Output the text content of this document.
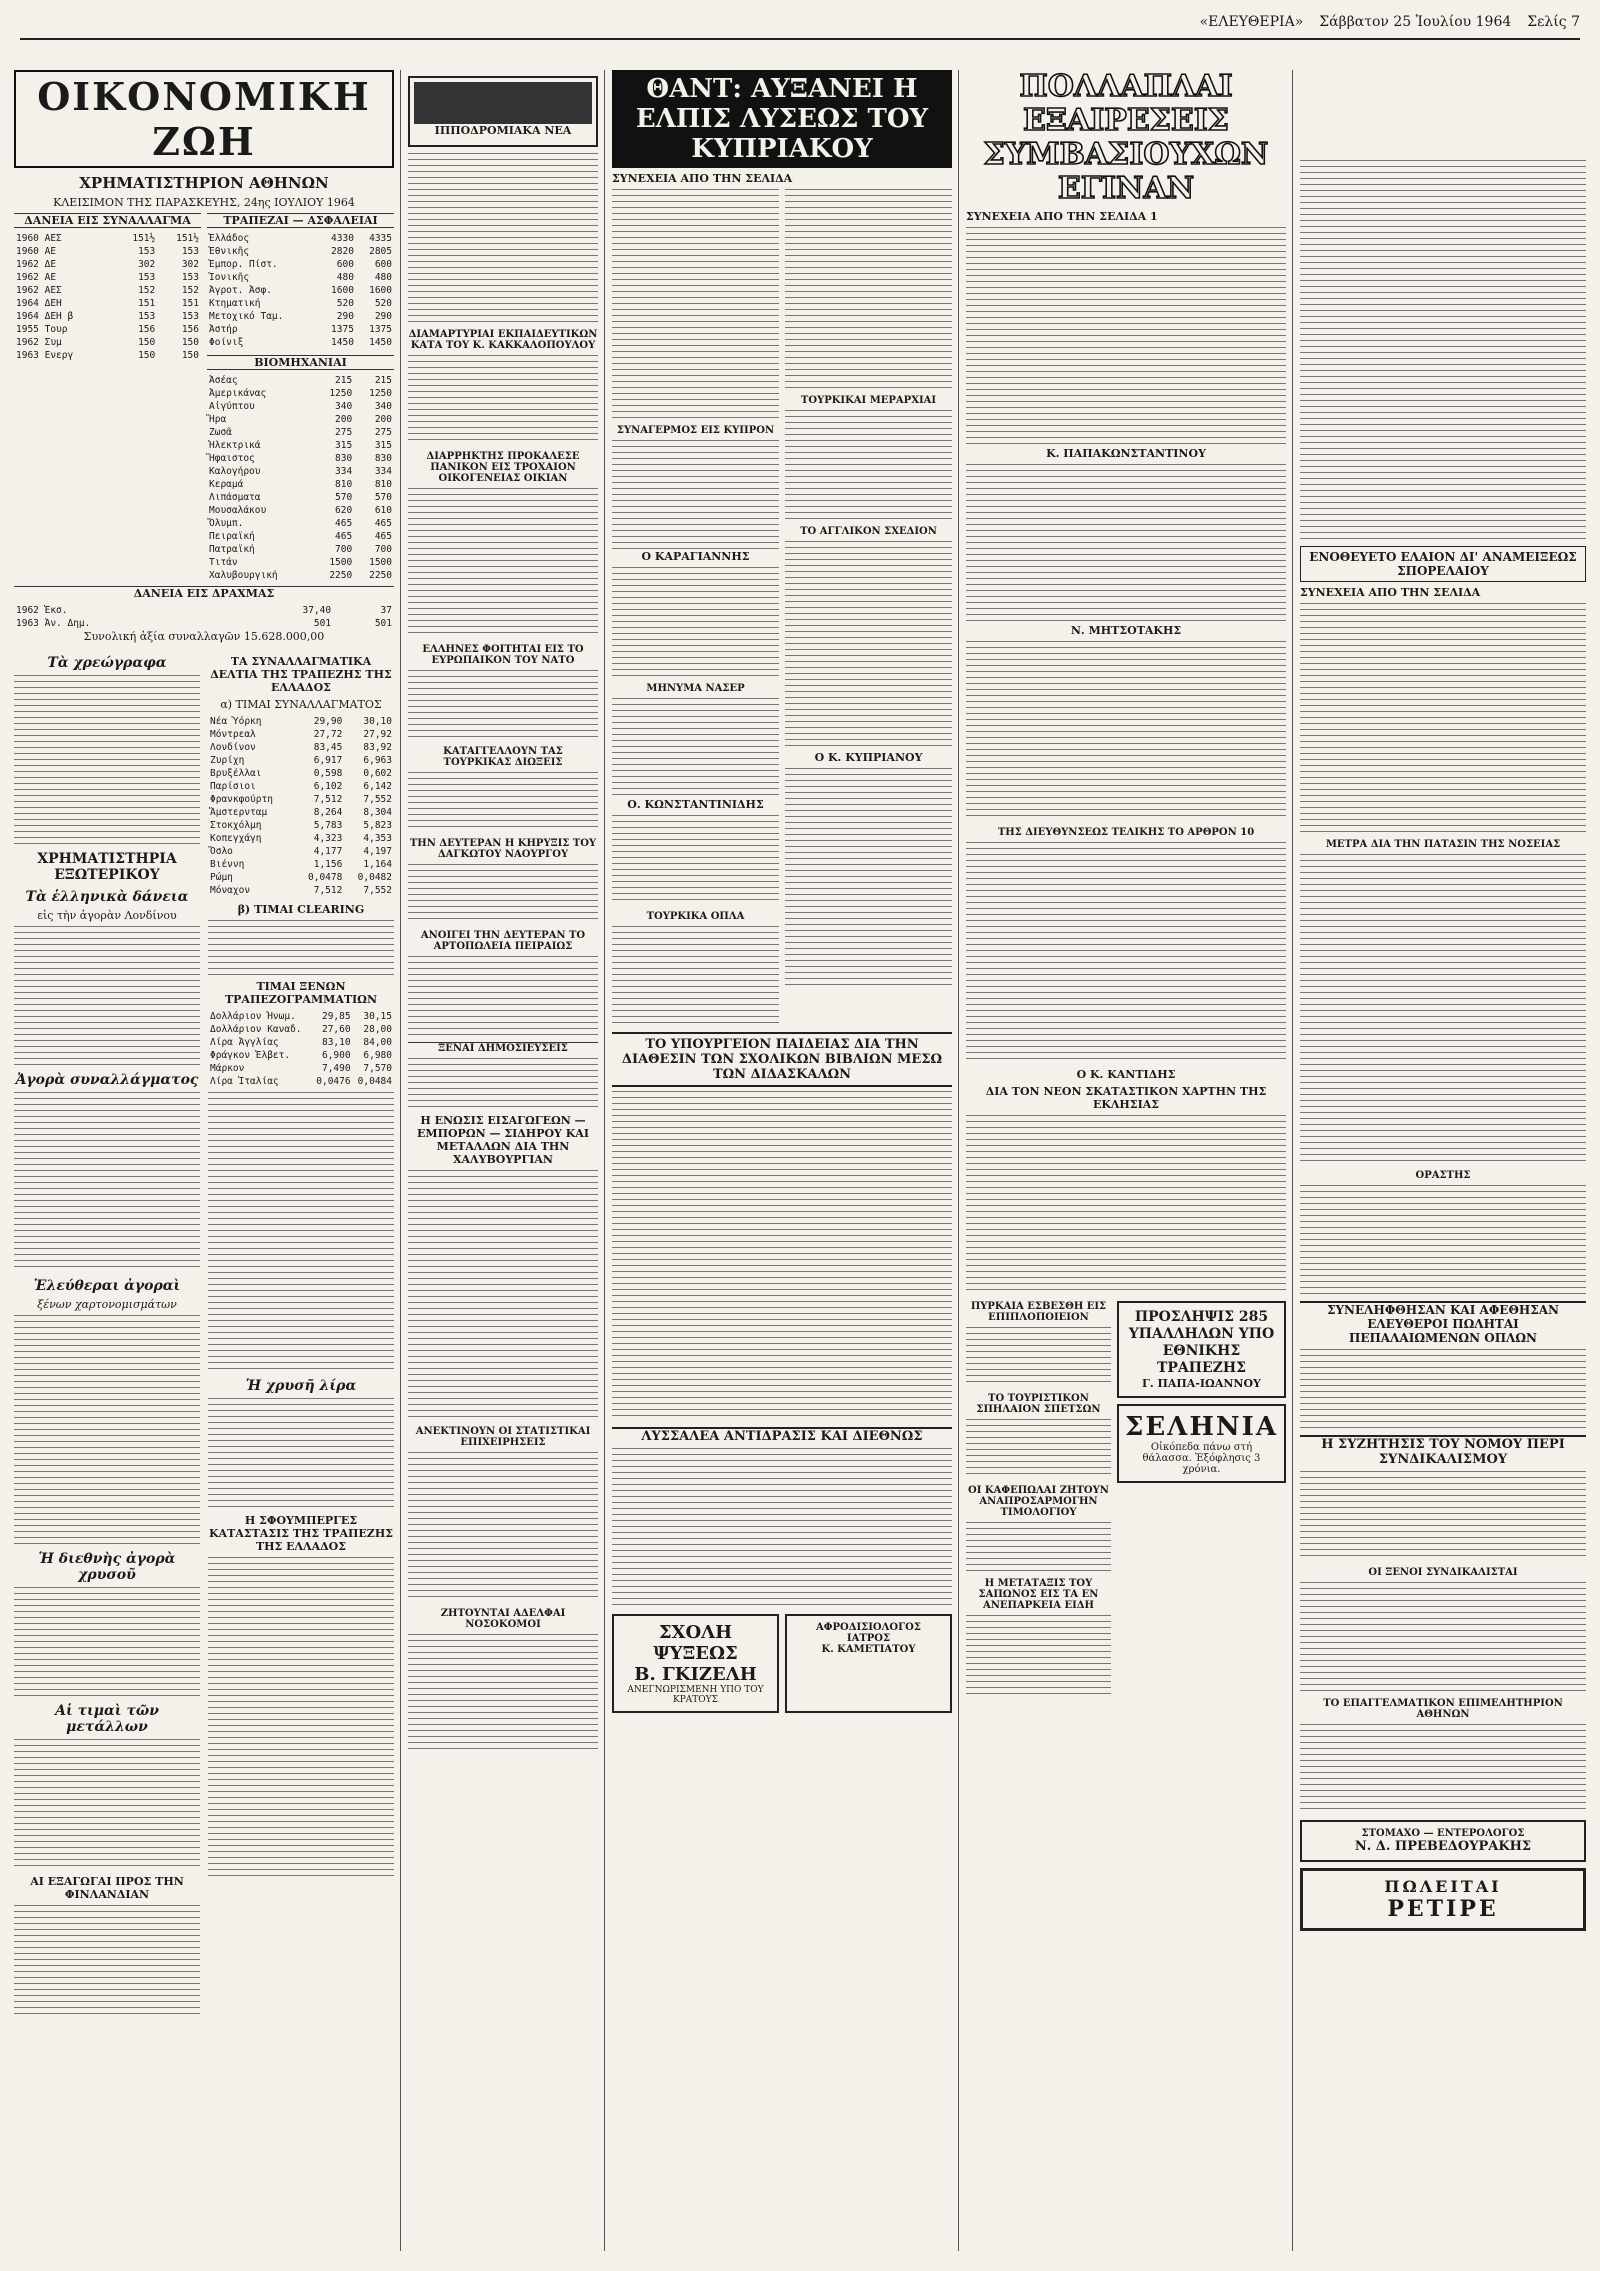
«ΕΛΕΥΘΕΡΙΑ» Σάββατον 25 Ἰουλίου 1964 Σελίς 7
ΟΙΚΟΝΟΜΙΚΗ ΖΩΗ
ΧΡΗΜΑΤΙΣΤΗΡΙΟΝ ΑΘΗΝΩΝ
ΚΛΕΙΣΙΜΟΝ ΤΗΣ ΠΑΡΑΣΚΕΥΗΣ, 24ης ΙΟΥΛΙΟΥ 1964
ΔΑΝΕΙΑ ΕΙΣ ΣΥΝΑΛΛΑΓΜΑ
1960 ΑΕΣ	151½	151½
1960 ΑΕ	153	153
1962 ΔΕ	302	302
1962 ΑΕ	153	153
1962 ΑΕΣ	152	152
1964 ΔΕΗ	151	151
1964 ΔΕΗ β	153	153
1955 Τουρ	156	156
1962 Συμ	150	150
1963 Ενεργ	150	150
ΤΡΑΠΕΖΑΙ — ΑΣΦΑΛΕΙΑΙ
Ἑλλάδος	4330	4335
Ἐθνικῆς	2820	2805
Ἐμπορ. Πίστ.	600	600
Ἰονικῆς	480	480
Ἀγροτ. Ἀσφ.	1600	1600
Κτηματική	520	520
Μετοχικό Ταμ.	290	290
Ἀστήρ	1375	1375
Φοίνιξ	1450	1450
ΒΙΟΜΗΧΑΝΙΑΙ
Ἀσέας	215	215
Ἀμερικάνας	1250	1250
Αἰγύπτου	340	340
Ἤρα	200	200
Ζωσᾶ	275	275
Ἠλεκτρικά	315	315
Ἥφαιστος	830	830
Καλογήρου	334	334
Κεραμά	810	810
Λιπάσματα	570	570
Μουσαλάκου	620	610
Ὄλυμπ.	465	465
Πειραϊκή	465	465
Πατραϊκή	700	700
Τιτάν	1500	1500
Χαλυβουργική	2250	2250
ΔΑΝΕΙΑ ΕΙΣ ΔΡΑΧΜΑΣ
1962 Ἐκσ.	37,40	37
1963 Ἀν. Δημ.	501	501
Συνολική ἀξία συναλλαγῶν 15.628.000,00
Τὰ χρεώγραφα
ΧΡΗΜΑΤΙΣΤΗΡΙΑ ΕΞΩΤΕΡΙΚΟΥ
Τὰ ἑλληνικὰ δάνεια
εἰς τὴν ἀγορὰν Λονδίνου
Ἀγορὰ συναλλάγματος
Ἐλεύθεραι ἀγοραὶ
ξένων χαρτονομισμάτων
Ἡ διεθνὴς ἀγορὰ χρυσοῦ
Αἱ τιμαὶ τῶν μετάλλων
ΑΙ ΕΞΑΓΩΓΑΙ ΠΡΟΣ ΤΗΝ ΦΙΝΛΑΝΔΙΑΝ
ΤΑ ΣΥΝΑΛΛΑΓΜΑΤΙΚΑ ΔΕΛΤΙΑ ΤΗΣ ΤΡΑΠΕΖΗΣ ΤΗΣ ΕΛΛΑΔΟΣ
α) ΤΙΜΑΙ ΣΥΝΑΛΛΑΓΜΑΤΟΣ
Νέα Ὑόρκη	29,90	30,10
Μόντρεαλ	27,72	27,92
Λονδίνον	83,45	83,92
Ζυρίχη	6,917	6,963
Βρυξέλλαι	0,598	0,602
Παρίσιοι	6,102	6,142
Φρανκφούρτη	7,512	7,552
Ἄμστερνταμ	8,264	8,304
Στοκχόλμη	5,783	5,823
Κοπεγχάγη	4,323	4,353
Ὄσλο	4,177	4,197
Βιέννη	1,156	1,164
Ρώμη	0,0478	0,0482
Μόναχον	7,512	7,552
β) ΤΙΜΑΙ CLEARING
ΤΙΜΑΙ ΞΕΝΩΝ ΤΡΑΠΕΖΟΓΡΑΜΜΑΤΙΩΝ
Δολλάριον Ἡνωμ.	29,85	30,15
Δολλάριον Καναδ.	27,60	28,00
Λίρα Ἀγγλίας	83,10	84,00
Φράγκον Ἑλβετ.	6,900	6,980
Μάρκον	7,490	7,570
Λίρα Ἰταλίας	0,0476	0,0484
Ἡ χρυσῆ λίρα
Η ΣΦΟΥΜΠΕΡΓΕΣ ΚΑΤΑΣΤΑΣΙΣ ΤΗΣ ΤΡΑΠΕΖΗΣ ΤΗΣ ΕΛΛΑΔΟΣ
ΙΠΠΟΔΡΟΜΙΑΚΑ ΝΕΑ
ΔΙΑΜΑΡΤΥΡΙΑΙ ΕΚΠΑΙΔΕΥΤΙΚΩΝ ΚΑΤΑ ΤΟΥ Κ. ΚΑΚΚΑΛΟΠΟΥΛΟΥ
ΔΙΑΡΡΗΚΤΗΣ ΠΡΟΚΑΛΕΣΕ ΠΑΝΙΚΟΝ ΕΙΣ ΤΡΟΧΑΙΟΝ ΟΙΚΟΓΕΝΕΙΑΣ ΟΙΚΙΑΝ
ΕΛΛΗΝΕΣ ΦΟΙΤΗΤΑΙ ΕΙΣ ΤΟ ΕΥΡΩΠΑΙΚΟΝ ΤΟΥ ΝΑΤΟ
ΚΑΤΑΓΓΕΛΛΟΥΝ ΤΑΣ ΤΟΥΡΚΙΚΑΣ ΔΙΩΞΕΙΣ
ΤΗΝ ΔΕΥΤΕΡΑΝ Η ΚΗΡΥΞΙΣ ΤΟΥ ΔΑΓΚΩΤΟΥ ΝΑΟΥΡΓΟΥ
ΑΝΟΙΓΕΙ ΤΗΝ ΔΕΥΤΕΡΑΝ ΤΟ ΑΡΤΟΠΩΛΕΙΑ ΠΕΙΡΑΙΩΣ
ΞΕΝΑΙ ΔΗΜΟΣΙΕΥΣΕΙΣ
Η ΕΝΩΣΙΣ ΕΙΣΑΓΩΓΕΩΝ — ΕΜΠΟΡΩΝ — ΣΙΔΗΡΟΥ ΚΑΙ ΜΕΤΑΛΛΩΝ ΔΙΑ ΤΗΝ ΧΑΛΥΒΟΥΡΓΙΑΝ
ΑΝΕΚΤΙΝΟΥΝ ΟΙ ΣΤΑΤΙΣΤΙΚΑΙ ΕΠΙΧΕΙΡΗΣΕΙΣ
ΖΗΤΟΥΝΤΑΙ ΑΔΕΛΦΑΙ ΝΟΣΟΚΟΜΟΙ
ΘΑΝΤ: ΑΥΞΑΝΕΙ Η ΕΛΠΙΣ ΛΥΣΕΩΣ ΤΟΥ ΚΥΠΡΙΑΚΟΥ
ΣΥΝΕΧΕΙΑ ΑΠΟ ΤΗΝ ΣΕΛΙΔΑ
ΣΥΝΑΓΕΡΜΟΣ ΕΙΣ ΚΥΠΡΟΝ
Ο ΚΑΡΑΓΙΑΝΝΗΣ
ΜΗΝΥΜΑ ΝΑΣΕΡ
Ο. ΚΩΝΣΤΑΝΤΙΝΙΔΗΣ
ΤΟΥΡΚΙΚΑ ΟΠΛΑ
ΤΟΥΡΚΙΚΑΙ ΜΕΡΑΡΧΙΑΙ
ΤΟ ΑΓΓΛΙΚΟΝ ΣΧΕΔΙΟΝ
Ο Κ. ΚΥΠΡΙΑΝΟΥ
ΤΟ ΥΠΟΥΡΓΕΙΟΝ ΠΑΙΔΕΙΑΣ ΔΙΑ ΤΗΝ ΔΙΑΘΕΣΙΝ ΤΩΝ ΣΧΟΛΙΚΩΝ ΒΙΒΛΙΩΝ ΜΕΣΩ ΤΩΝ ΔΙΔΑΣΚΑΛΩΝ
ΛΥΣΣΑΛΕΑ ΑΝΤΙΔΡΑΣΙΣ ΚΑΙ ΔΙΕΘΝΩΣ
ΣΧΟΛΗ ΨΥΞΕΩΣ
Β. ΓΚΙΖΕΛΗ
ΑΝΕΓΝΩΡΙΣΜΕΝΗ ΥΠΟ ΤΟΥ ΚΡΑΤΟΥΣ
ΑΦΡΟΔΙΣΙΟΛΟΓΟΣ ΙΑΤΡΟΣ
Κ. ΚΑΜΕΤΙΑΤΟΥ
ΠΟΛΛΑΠΛΑΙ ΕΞΑΙΡΕΣΕΙΣ
ΣΥΜΒΑΣΙΟΥΧΩΝ ΕΓΙΝΑΝ
ΣΥΝΕΧΕΙΑ ΑΠΟ ΤΗΝ ΣΕΛΙΔΑ 1
Κ. ΠΑΠΑΚΩΝΣΤΑΝΤΙΝΟΥ
Ν. ΜΗΤΣΟΤΑΚΗΣ
ΤΗΣ ΔΙΕΥΘΥΝΣΕΩΣ ΤΕΛΙΚΗΣ ΤΟ ΑΡΘΡΟΝ 10
Ο Κ. ΚΑΝΤΙΔΗΣ
ΔΙΑ ΤΟΝ ΝΕΟΝ ΣΚΑΤΑΣΤΙΚΟΝ ΧΑΡΤΗΝ ΤΗΣ ΕΚΛΗΣΙΑΣ
ΠΥΡΚΑΙΑ ΕΣΒΕΣΘΗ ΕΙΣ ΕΠΙΠΛΟΠΟΙΕΙΟΝ
ΤΟ ΤΟΥΡΙΣΤΙΚΟΝ ΣΠΗΛΑΙΟΝ ΣΠΕΤΣΩΝ
ΟΙ ΚΑΦΕΠΩΛΑΙ ΖΗΤΟΥΝ ΑΝΑΠΡΟΣΑΡΜΟΓΗΝ ΤΙΜΟΛΟΓΙΟΥ
Η ΜΕΤΑΤΑΞΙΣ ΤΟΥ ΣΑΠΩΝΟΣ ΕΙΣ ΤΑ ΕΝ ΑΝΕΠΑΡΚΕΙΑ ΕΙΔΗ
ΠΡΟΣΛΗΨΙΣ 285 ΥΠΑΛΛΗΛΩΝ ΥΠΟ ΕΘΝΙΚΗΣ ΤΡΑΠΕΖΗΣ
Γ. ΠΑΠΑ-ΙΩΑΝΝΟΥ
ΣΕΛΗΝΙΑ
Οἰκόπεδα πάνω στή θάλασσα. Ἐξόφλησις 3 χρόνια.
ΕΝΟΘΕΥΕΤΟ ΕΛΑΙΟΝ ΔΙ' ΑΝΑΜΕΙΞΕΩΣ ΣΠΟΡΕΛΑΙΟΥ
ΣΥΝΕΧΕΙΑ ΑΠΟ ΤΗΝ ΣΕΛΙΔΑ
ΜΕΤΡΑ ΔΙΑ ΤΗΝ ΠΑΤΑΣΙΝ ΤΗΣ ΝΟΣΕΙΑΣ
ΟΡΑΣΤΗΣ
ΣΥΝΕΛΗΦΘΗΣΑΝ ΚΑΙ ΑΦΕΘΗΣΑΝ ΕΛΕΥΘΕΡΟΙ ΠΩΛΗΤΑΙ ΠΕΠΑΛΑΙΩΜΕΝΩΝ ΟΠΛΩΝ
Η ΣΥΖΗΤΗΣΙΣ ΤΟΥ ΝΟΜΟΥ ΠΕΡΙ ΣΥΝΔΙΚΑΛΙΣΜΟΥ
ΟΙ ΞΕΝΟΙ ΣΥΝΔΙΚΑΛΙΣΤΑΙ
ΤΟ ΕΠΑΓΓΕΛΜΑΤΙΚΟΝ ΕΠΙΜΕΛΗΤΗΡΙΟΝ ΑΘΗΝΩΝ
ΣΤΟΜΑΧΟ — ΕΝΤΕΡΟΛΟΓΟΣ
Ν. Δ. ΠΡΕΒΕΔΟΥΡΑΚΗΣ
ΠΩΛΕΙΤΑΙ
ΡΕΤΙΡΕ
